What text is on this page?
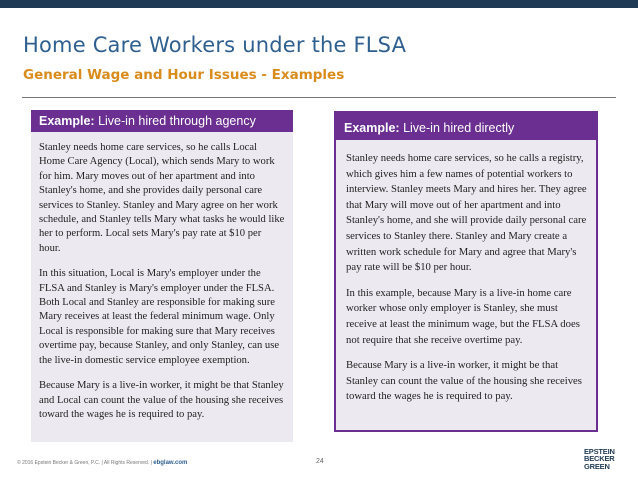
Home Care Workers under the FLSA
General Wage and Hour Issues - Examples
Example: Live-in hired through agency

Stanley needs home care services, so he calls Local Home Care Agency (Local), which sends Mary to work for him. Mary moves out of her apartment and into Stanley's home, and she provides daily personal care services to Stanley. Stanley and Mary agree on her work schedule, and Stanley tells Mary what tasks he would like her to perform. Local sets Mary's pay rate at $10 per hour.

In this situation, Local is Mary's employer under the FLSA and Stanley is Mary's employer under the FLSA. Both Local and Stanley are responsible for making sure Mary receives at least the federal minimum wage. Only Local is responsible for making sure that Mary receives overtime pay, because Stanley, and only Stanley, can use the live-in domestic service employee exemption.

Because Mary is a live-in worker, it might be that Stanley and Local can count the value of the housing she receives toward the wages he is required to pay.

Example: Live-in hired directly

Stanley needs home care services, so he calls a registry, which gives him a few names of potential workers to interview. Stanley meets Mary and hires her. They agree that Mary will move out of her apartment and into Stanley's home, and she will provide daily personal care services to Stanley there. Stanley and Mary create a written work schedule for Mary and agree that Mary's pay rate will be $10 per hour.

In this example, because Mary is a live-in home care worker whose only employer is Stanley, she must receive at least the minimum wage, but the FLSA does not require that she receive overtime pay.

Because Mary is a live-in worker, it might be that Stanley can count the value of the housing she receives toward the wages he is required to pay.

© 2016 Epstein Becker & Green, P.C. | All Rights Reserved. | ebglaw.com	24
EPSTEIN
BECKER
GREEN
